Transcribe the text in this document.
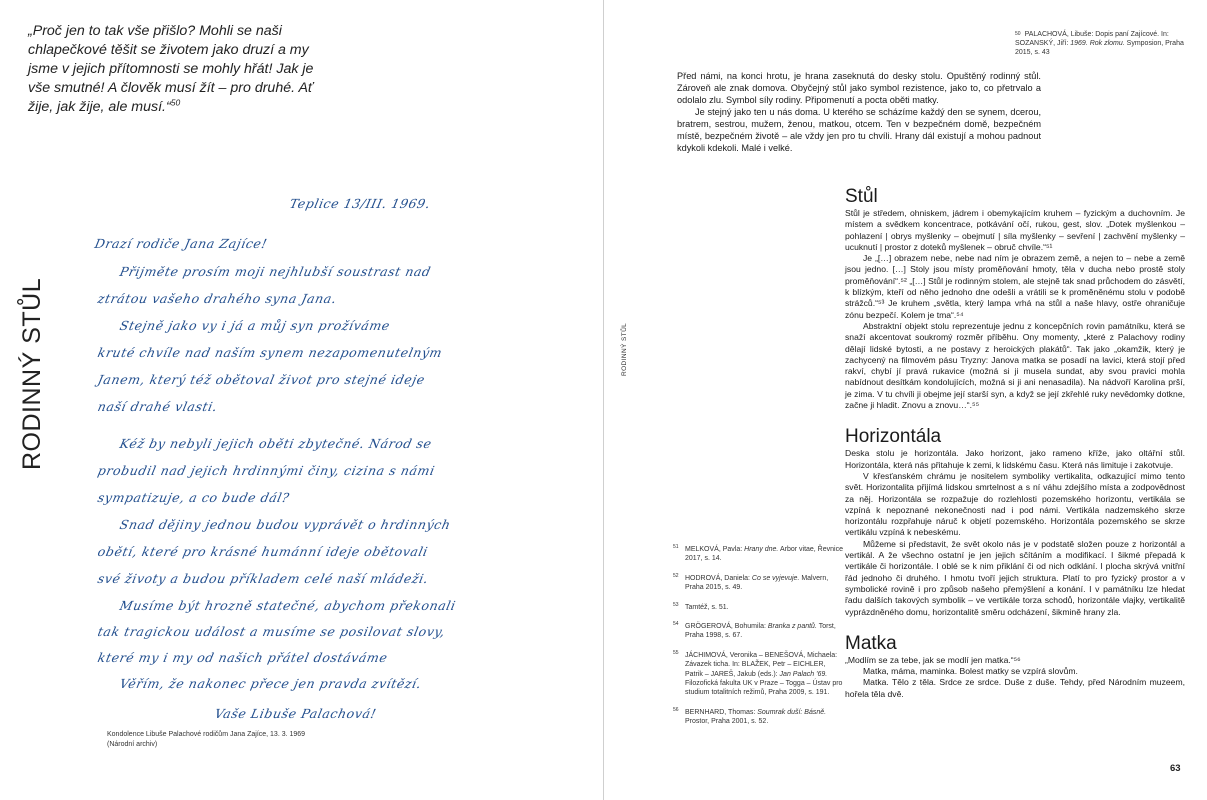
„Proč jen to tak vše přišlo? Mohli se naši chlapečkové těšit se životem jako druzí a my jsme v jejich přítomnosti se mohly hřát! Jak je vše smutné! A člověk musí žít – pro druhé. Ať žije, jak žije, ale musí.“$^{50}$
RODINNÝ STŮL
Teplice 13/III. 1969.
Drazí rodiče Jana Zajíce!
Přijměte prosím moji nejhlubší soustrast nad
ztrátou vašeho drahého syna Jana.
Stejně jako vy i já a můj syn prožíváme
kruté chvíle nad naším synem nezapomenutelným
Janem, který též obětoval život pro stejné ideje
naší drahé vlasti.
Kéž by nebyli jejich oběti zbytečné. Národ se
probudil nad jejich hrdinnými činy, cizina s námi
sympatizuje, a co bude dál?
Snad dějiny jednou budou vyprávět o hrdinných
obětí, které pro krásné humánní ideje obětovali
své životy a budou příkladem celé naší mládeži.
Musíme být hrozně statečné, abychom překonali
tak tragickou událost a musíme se posilovat slovy,
které my i my od našich přátel dostáváme
Věřím, že nakonec přece jen pravda zvítězí.
Vaše Libuše Palachová!
Kondolence Libuše Palachové rodičům Jana Zajíce, 13. 3. 1969 (Národní archiv)
$^{50}$ PALACHOVÁ, Libuše: Dopis paní Zajícové. In: SOZANSKÝ, Jiří: 1969. Rok zlomu. Symposion, Praha 2015, s. 43

Před námi, na konci hrotu, je hrana zaseknutá do desky stolu. Opuštěný rodinný stůl. Zároveň ale znak domova. Obyčejný stůl jako symbol rezistence, jako to, co přetrvalo a odolalo zlu. Symbol síly rodiny. Připomenutí a pocta oběti matky.

Je stejný jako ten u nás doma. U kterého se scházíme každý den se synem, dcerou, bratrem, sestrou, mužem, ženou, matkou, otcem. Ten v bezpečném domě, bezpečném místě, bezpečném životě – ale vždy jen pro tu chvíli. Hrany dál existují a mohou padnout kdykoli kdekoli. Malé i velké.

RODINNÝ STŮL
Stůl

Stůl je středem, ohniskem, jádrem i obemykajícím kruhem – fyzickým a duchovním. Je místem a svědkem koncentrace, potkávání očí, rukou, gest, slov. „Dotek myšlenkou – pohlazení | obrys myšlenky – obejmutí | síla myšlenky – sevření | zachvění myšlenky – ucuknutí | prostor z doteků myšlenek – obruč chvíle.“⁵¹

Je „[…] obrazem nebe, nebe nad ním je obrazem země, a nejen to – nebe a země jsou jedno. […] Stoly jsou místy proměňování hmoty, těla v ducha nebo prostě stoly proměňování“.⁵² „[…] Stůl je rodinným stolem, ale stejně tak snad průchodem do zásvětí, k blízkým, kteří od něho jednoho dne odešli a vrátili se k proměněnému stolu v podobě strážců.“⁵³ Je kruhem „světla, který lampa vrhá na stůl a naše hlavy, ostře ohraničuje zónu bezpečí. Kolem je tma“.⁵⁴

Abstraktní objekt stolu reprezentuje jednu z koncepčních rovin památníku, která se snaží akcentovat soukromý rozměr příběhu. Ony momenty, „které z Palachovy rodiny dělají lidské bytosti, a ne postavy z heroických plakátů“. Tak jako „okamžik, který je zachycený na filmovém pásu Tryzny: Janova matka se posadí na lavici, která stojí před rakví, chybí jí pravá rukavice (možná si ji musela sundat, aby svou pravici mohla nabídnout desítkám kondolujících, možná si ji ani nenasadila). Na nádvoří Karolina prší, je zima. V tu chvíli ji obejme její starší syn, a když se její zkřehlé ruky nevědomky dotkne, začne ji hladit. Znovu a znovu…“.⁵⁵

Horizontála

Deska stolu je horizontála. Jako horizont, jako rameno kříže, jako oltářní stůl. Horizontála, která nás přitahuje k zemi, k lidskému času. Která nás limituje i zakotvuje.

V křesťanském chrámu je nositelem symboliky vertikalita, odkazující mimo tento svět. Horizontalita přijímá lidskou smrtelnost a s ní váhu zdejšího místa a zodpovědnost za něj. Horizontála se rozpažuje do rozlehlosti pozemského horizontu, vertikála se vzpíná k nepoznané nekonečnosti nad i pod námi. Vertikála nadzemského skrze horizontálu rozpřahuje náruč k objetí pozemského. Horizontála pozemského se skrze vertikálu vzpíná k nebeskému.

Můžeme si představit, že svět okolo nás je v podstatě složen pouze z horizontál a vertikál. A že všechno ostatní je jen jejich sčítáním a modifikací. I šikmé přepadá k vertikále či horizontále. I oblé se k nim přiklání či od nich odklání. I plocha skrývá vnitřní řád jednoho či druhého. I hmotu tvoří jejich struktura. Platí to pro fyzický prostor a v symbolické rovině i pro způsob našeho přemýšlení a konání. I v památníku lze hledat řadu dalších takových symbolik – ve vertikále torza schodů, horizontále vlajky, vertikalitě vyprázdněného domu, horizontalitě směru odcházení, šikmině hrany zla.

Matka

„Modlím se za tebe, jak se modlí jen matka.“⁵⁶

Matka, máma, maminka. Bolest matky se vzpírá slovům.

Matka. Tělo z těla. Srdce ze srdce. Duše z duše. Tehdy, před Národním muzeem, hořela těla dvě.

51 MELKOVÁ, Pavla: Hrany dne. Arbor vitae, Řevnice 2017, s. 14.
52 HODROVÁ, Daniela: Co se vyjevuje. Malvern, Praha 2015, s. 49.
53 Tamtéž, s. 51.
54 GRÖGEROVÁ, Bohumila: Branka z pantů. Torst, Praha 1998, s. 67.
55 JÁCHIMOVÁ, Veronika – BENEŠOVÁ, Michaela: Závazek ticha. In: BLAŽEK, Petr – EICHLER, Patrik – JAREŠ, Jakub (eds.): Jan Palach '69. Filozofická fakulta UK v Praze – Togga – Ústav pro studium totalitních režimů, Praha 2009, s. 191.
56 BERNHARD, Thomas: Soumrak duší: Básně. Prostor, Praha 2001, s. 52.
63
